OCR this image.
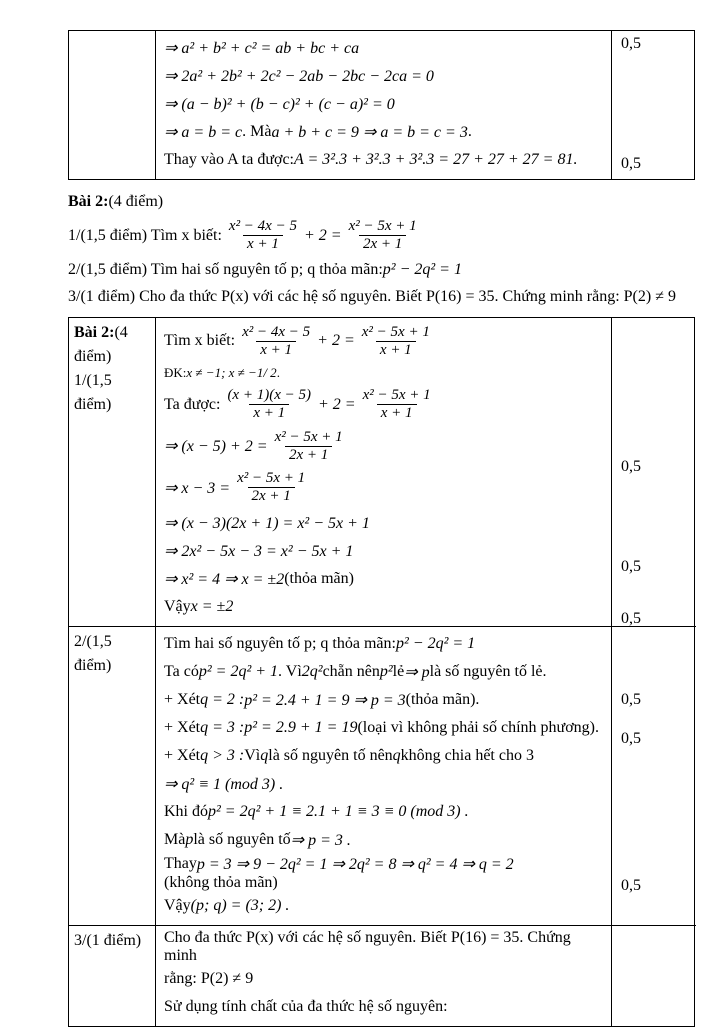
⇒ a² + b² + c² = ab + bc + ca
⇒ 2a² + 2b² + 2c² − 2ab − 2bc − 2ca = 0
⇒ (a − b)² + (b − c)² + (c − a)² = 0
⇒ a = b = c . Mà a + b + c = 9 ⇒ a = b = c = 3 .
Thay vào A ta được: A = 3².3 + 3².3 + 3².3 = 27 + 27 + 27 = 81.
0,5
0,5
Bài 2: (4 điểm)
1/(1,5 điểm) Tìm x biết: $\frac{\text{x² − 4x − 5}}{x + 1} + 2 = \frac{\text{x² − 5x + 1}}{2x + 1}$
2/(1,5 điểm) Tìm hai số nguyên tố p; q thỏa mãn: p² − 2q² = 1
3/(1 điểm) Cho đa thức P(x) với các hệ số nguyên. Biết P(16) = 35. Chứng minh rằng: P(2) ≠ 9
Bài 2: (4
điểm)
1/(1,5
điểm)
Tìm x biết: $\frac{\text{x² − 4x − 5}}{x + 1} + 2 = \frac{\text{x² − 5x + 1}}{x + 1}$
ĐK: x ≠ −1; x ≠ −1/ 2 .
Ta được: $\frac{(x + 1)(x - 5)}{x + 1} + 2 = \frac{\text{x² − 5x + 1}}{x + 1}$
⇒ $(x - 5) + 2 = \frac{\text{x² − 5x + 1}}{2x + 1}$
⇒ $x - 3 = \frac{\text{x² − 5x + 1}}{2x + 1}$
⇒ (x − 3)(2x + 1) = x² − 5x + 1
⇒ 2x² − 5x − 3 = x² − 5x + 1
⇒ x² = 4 ⇒ x = ±2 (thỏa mãn)
Vậy x = ±2
0,5
0,5
0,5
2/(1,5
điểm)
Tìm hai số nguyên tố p; q thỏa mãn: p² − 2q² = 1
Ta có p² = 2q² + 1 . Vì 2q² chẵn nên p² lẻ ⇒ p là số nguyên tố lẻ.
+ Xét q = 2 : p² = 2.4 + 1 = 9 ⇒ p = 3 (thỏa mãn).
+ Xét q = 3 : p² = 2.9 + 1 = 19 (loại vì không phải số chính phương).
+ Xét q > 3 : Vì q là số nguyên tố nên q không chia hết cho 3
⇒ q² ≡ 1 (mod 3) .
Khi đó p² = 2q² + 1 ≡ 2.1 + 1 ≡ 3 ≡ 0 (mod 3) .
Mà p là số nguyên tố ⇒ p = 3 .
Thay p = 3 ⇒ 9 − 2q² = 1 ⇒ 2q² = 8 ⇒ q² = 4 ⇒ q = 2
(không thỏa mãn)
Vậy (p; q) = (3; 2) .
0,5
0,5
0,5
3/(1 điểm) Cho đa thức P(x) với các hệ số nguyên. Biết P(16) = 35. Chứng minh
rằng: P(2) ≠ 9
Sử dụng tính chất của đa thức hệ số nguyên:
